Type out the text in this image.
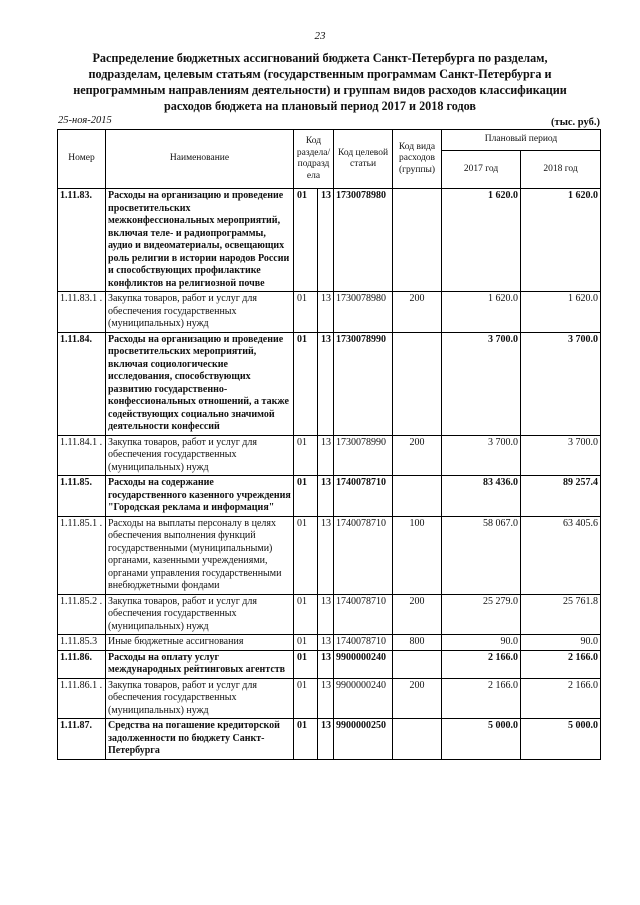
23
Распределение бюджетных ассигнований бюджета Санкт-Петербурга по разделам, подразделам, целевым статьям (государственным программам Санкт-Петербурга и непрограммным направлениям деятельности) и группам видов расходов классификации расходов бюджета на плановый период 2017 и 2018 годов
25-ноя-2015	(тыс. руб.)
Номер	Наименование	Код раздела/ подразд ела		Код целевой статьи	Код вида расходов (группы)	Плановый период	
						2017 год	2018 год
1.11.83.	Расходы на организацию и проведение просветительских межконфессиональных мероприятий, включая теле- и радиопрограммы, аудио и видеоматериалы, освещающих роль религии в истории народов России и способствующих профилактике конфликтов на религиозной почве	01	13	1730078980		1 620.0	1 620.0
1.11.83.1 .	Закупка товаров, работ и услуг для обеспечения государственных (муниципальных) нужд	01	13	1730078980	200	1 620.0	1 620.0
1.11.84.	Расходы на организацию и проведение просветительских мероприятий, включая социологические исследования, способствующих развитию государственно-конфессиональных отношений, а также содействующих социально значимой деятельности конфессий	01	13	1730078990		3 700.0	3 700.0
1.11.84.1 .	Закупка товаров, работ и услуг для обеспечения государственных (муниципальных) нужд	01	13	1730078990	200	3 700.0	3 700.0
1.11.85.	Расходы на содержание государственного казенного учреждения "Городская реклама и информация"	01	13	1740078710		83 436.0	89 257.4
1.11.85.1 .	Расходы на выплаты персоналу в целях обеспечения выполнения функций государственными (муниципальными) органами, казенными учреждениями, органами управления государственными внебюджетными фондами	01	13	1740078710	100	58 067.0	63 405.6
1.11.85.2 .	Закупка товаров, работ и услуг для обеспечения государственных (муниципальных) нужд	01	13	1740078710	200	25 279.0	25 761.8
1.11.85.3	Иные бюджетные ассигнования	01	13	1740078710	800	90.0	90.0
1.11.86.	Расходы на оплату услуг международных рейтинговых агентств	01	13	9900000240		2 166.0	2 166.0
1.11.86.1 .	Закупка товаров, работ и услуг для обеспечения государственных (муниципальных) нужд	01	13	9900000240	200	2 166.0	2 166.0
1.11.87.	Средства на погашение кредиторской задолженности по бюджету Санкт-Петербурга	01	13	9900000250		5 000.0	5 000.0
